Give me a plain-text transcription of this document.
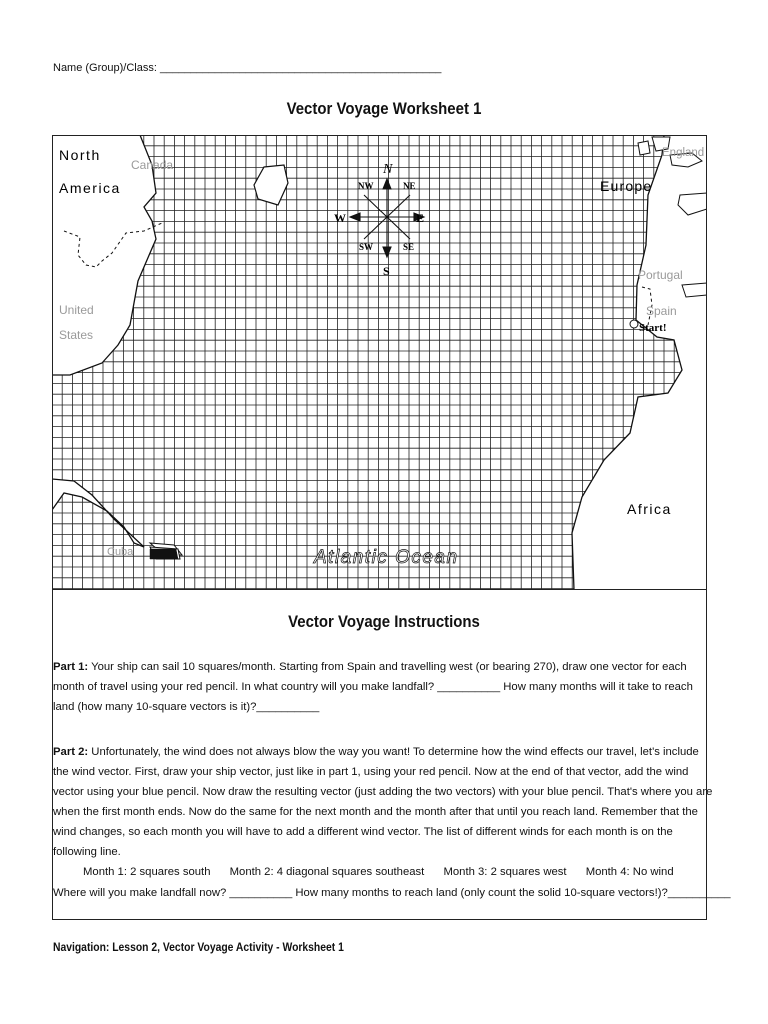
Name (Group)/Class: ______________________________________________
Vector Voyage Worksheet 1
N
S
W	E
NW	NE
SW	SE
North
America
Canada
United
States
England
Europe
Portugal
Spain
Start!
Africa
Cuba	Atlantic Ocean
Vector Voyage Instructions
Part 1: Your ship can sail 10 squares/month. Starting from Spain and travelling west (or bearing 270), draw one vector for each month of travel using your red pencil. In what country will you make landfall? __________ How many months will it take to reach land (how many 10-square vectors is it)?__________
Part 2: Unfortunately, the wind does not always blow the way you want! To determine how the wind effects our travel, let's include the wind vector. First, draw your ship vector, just like in part 1, using your red pencil. Now at the end of that vector, add the wind vector using your blue pencil. Now draw the resulting vector (just adding the two vectors) with your blue pencil. That's where you are when the first month ends. Now do the same for the next month and the month after that until you reach land. Remember that the wind changes, so each month you will have to add a different wind vector. The list of different winds for each month is on the following line.
Month 1: 2 squares south Month 2: 4 diagonal squares southeast Month 3: 2 squares west Month 4: No wind
Where will you make landfall now? __________ How many months to reach land (only count the solid 10-square vectors!)?__________
Navigation: Lesson 2, Vector Voyage Activity - Worksheet 1
